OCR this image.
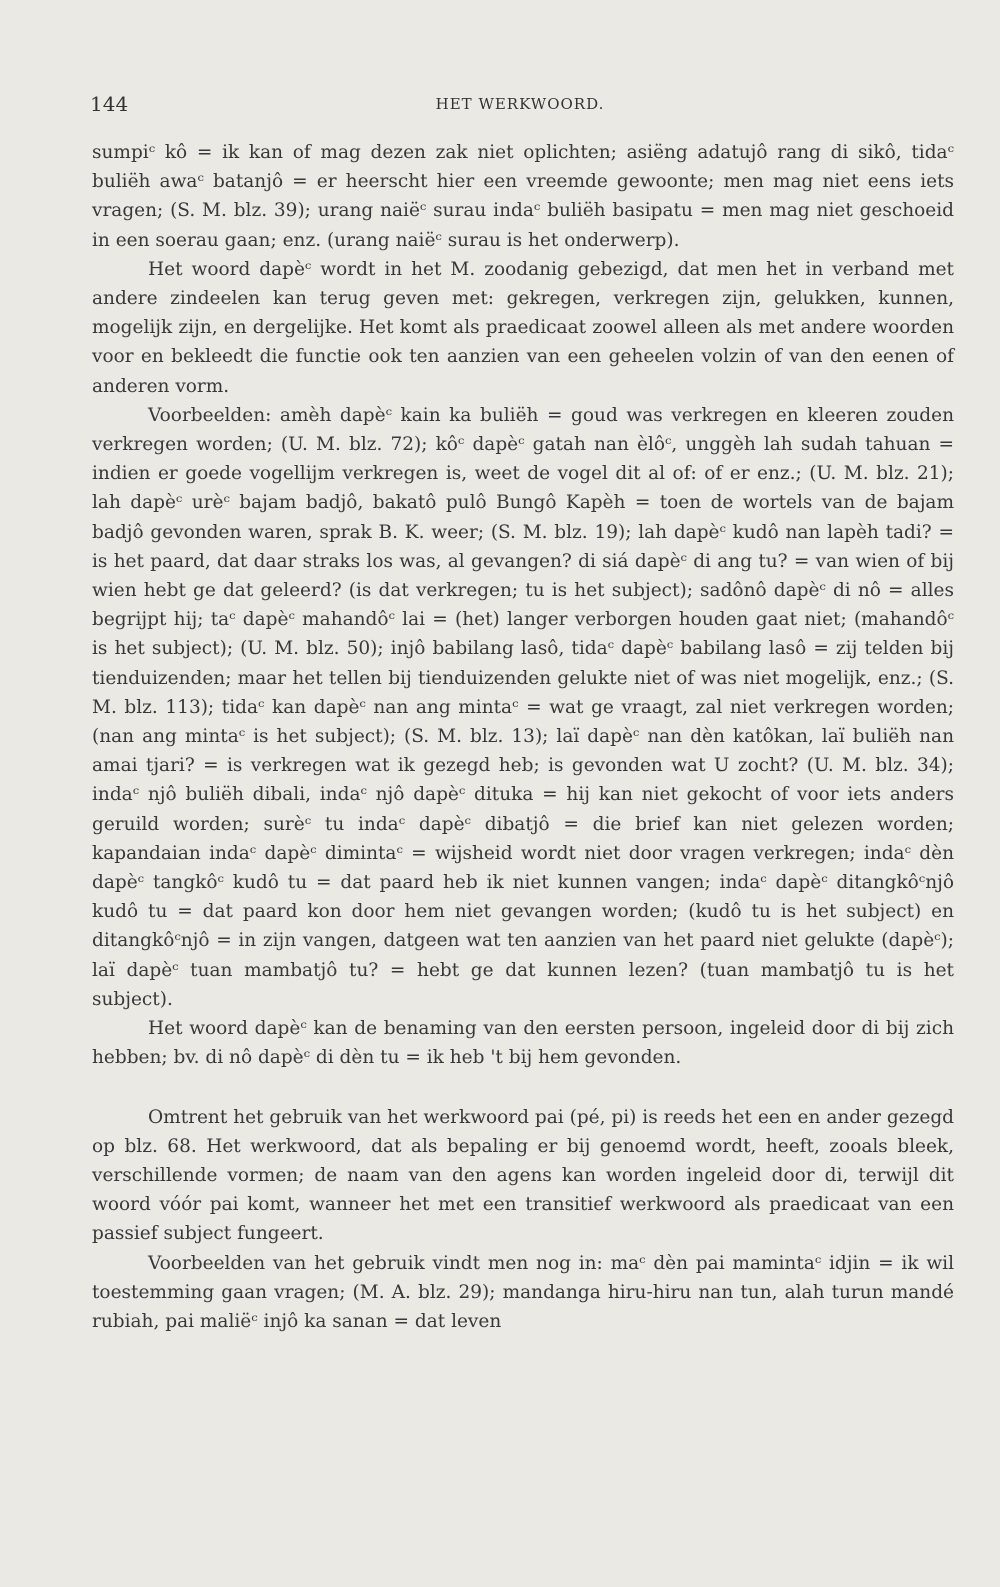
144	HET WERKWOORD.

sumpiᶜ kô = ik kan of mag dezen zak niet oplichten; asiëng adatujô rang di sikô, tidaᶜ buliëh awaᶜ batanjô = er heerscht hier een vreemde gewoonte; men mag niet eens iets vragen; (S. M. blz. 39); urang naiëᶜ surau indaᶜ buliëh basipatu = men mag niet geschoeid in een soerau gaan; enz. (urang naiëᶜ surau is het onderwerp).

Het woord dapèᶜ wordt in het M. zoodanig gebezigd, dat men het in verband met andere zindeelen kan terug geven met: gekregen, verkregen zijn, gelukken, kunnen, mogelijk zijn, en dergelijke. Het komt als praedicaat zoowel alleen als met andere woorden voor en bekleedt die functie ook ten aanzien van een geheelen volzin of van den eenen of anderen vorm.

Voorbeelden: amèh dapèᶜ kain ka buliëh = goud was verkregen en kleeren zouden verkregen worden; (U. M. blz. 72); kôᶜ dapèᶜ gatah nan èlôᶜ, unggèh lah sudah tahuan = indien er goede vogellijm verkregen is, weet de vogel dit al of: of er enz.; (U. M. blz. 21); lah dapèᶜ urèᶜ bajam badjô, bakatô pulô Bungô Kapèh = toen de wortels van de bajam badjô gevonden waren, sprak B. K. weer; (S. M. blz. 19); lah dapèᶜ kudô nan lapèh tadi? = is het paard, dat daar straks los was, al gevangen? di siá dapèᶜ di ang tu? = van wien of bij wien hebt ge dat geleerd? (is dat verkregen; tu is het subject); sadônô dapèᶜ di nô = alles begrijpt hij; taᶜ dapèᶜ mahandôᶜ lai = (het) langer verborgen houden gaat niet; (mahandôᶜ is het subject); (U. M. blz. 50); injô babilang lasô, tidaᶜ dapèᶜ babilang lasô = zij telden bij tienduizenden; maar het tellen bij tienduizenden gelukte niet of was niet mogelijk, enz.; (S. M. blz. 113); tidaᶜ kan dapèᶜ nan ang mintaᶜ = wat ge vraagt, zal niet verkregen worden; (nan ang mintaᶜ is het subject); (S. M. blz. 13); laï dapèᶜ nan dèn katôkan, laï buliëh nan amai tjari? = is verkregen wat ik gezegd heb; is gevonden wat U zocht? (U. M. blz. 34); indaᶜ njô buliëh dibali, indaᶜ njô dapèᶜ dituka = hij kan niet gekocht of voor iets anders geruild worden; surèᶜ tu indaᶜ dapèᶜ dibatjô = die brief kan niet gelezen worden; kapandaian indaᶜ dapèᶜ dimintaᶜ = wijsheid wordt niet door vragen verkregen; indaᶜ dèn dapèᶜ tangkôᶜ kudô tu = dat paard heb ik niet kunnen vangen; indaᶜ dapèᶜ ditangkôᶜnjô kudô tu = dat paard kon door hem niet gevangen worden; (kudô tu is het subject) en ditangkôᶜnjô = in zijn vangen, datgeen wat ten aanzien van het paard niet gelukte (dapèᶜ); laï dapèᶜ tuan mambatjô tu? = hebt ge dat kunnen lezen? (tuan mambatjô tu is het subject).

Het woord dapèᶜ kan de benaming van den eersten persoon, ingeleid door di bij zich hebben; bv. di nô dapèᶜ di dèn tu = ik heb 't bij hem gevonden.

Omtrent het gebruik van het werkwoord pai (pé, pi) is reeds het een en ander gezegd op blz. 68. Het werkwoord, dat als bepaling er bij genoemd wordt, heeft, zooals bleek, verschillende vormen; de naam van den agens kan worden ingeleid door di, terwijl dit woord vóór pai komt, wanneer het met een transitief werkwoord als praedicaat van een passief subject fungeert.

Voorbeelden van het gebruik vindt men nog in: maᶜ dèn pai mamintaᶜ idjin = ik wil toestemming gaan vragen; (M. A. blz. 29); mandanga hiru-hiru nan tun, alah turun mandé rubiah, pai maliëᶜ injô ka sanan = dat leven
